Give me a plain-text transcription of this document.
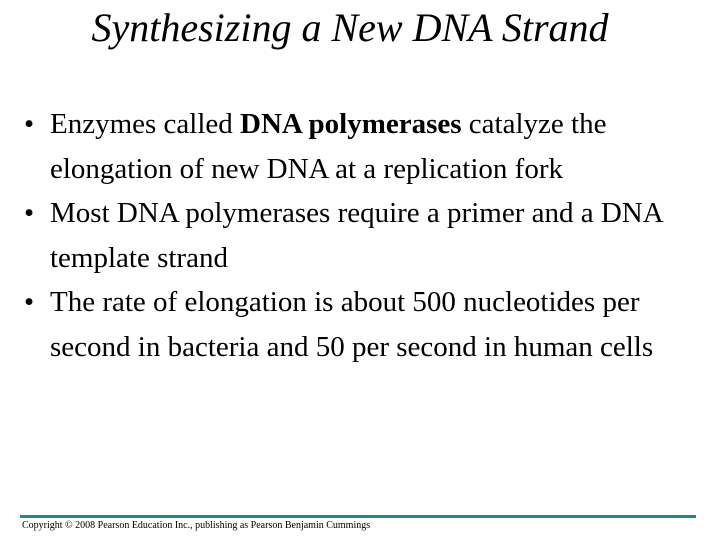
Synthesizing a New DNA Strand
• Enzymes called DNA polymerases catalyze the elongation of new DNA at a replication fork
• Most DNA polymerases require a primer and a DNA template strand
• The rate of elongation is about 500 nucleotides per second in bacteria and 50 per second in human cells
Copyright © 2008 Pearson Education Inc., publishing as Pearson Benjamin Cummings
